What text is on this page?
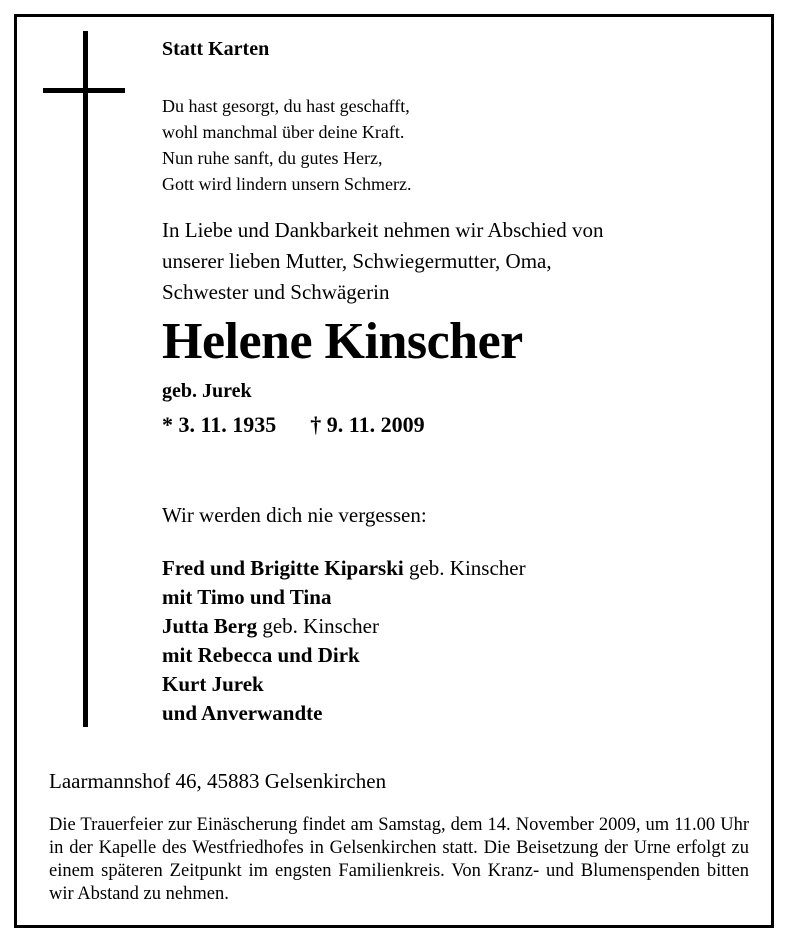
Statt Karten
Du hast gesorgt, du hast geschafft,
wohl manchmal über deine Kraft.
Nun ruhe sanft, du gutes Herz,
Gott wird lindern unsern Schmerz.
In Liebe und Dankbarkeit nehmen wir Abschied von
unserer lieben Mutter, Schwiegermutter, Oma,
Schwester und Schwägerin
Helene Kinscher
geb. Jurek
* 3. 11. 1935 † 9. 11. 2009
Wir werden dich nie vergessen:
Fred und Brigitte Kiparski geb. Kinscher
mit Timo und Tina
Jutta Berg geb. Kinscher
mit Rebecca und Dirk
Kurt Jurek
und Anverwandte
Laarmannshof 46, 45883 Gelsenkirchen
Die Trauerfeier zur Einäscherung findet am Samstag, dem 14. November 2009, um 11.00 Uhr in der Kapelle des Westfriedhofes in Gelsenkirchen statt. Die Beisetzung der Urne erfolgt zu einem späteren Zeitpunkt im engsten Familienkreis. Von Kranz- und Blumenspenden bitten wir Abstand zu nehmen.
